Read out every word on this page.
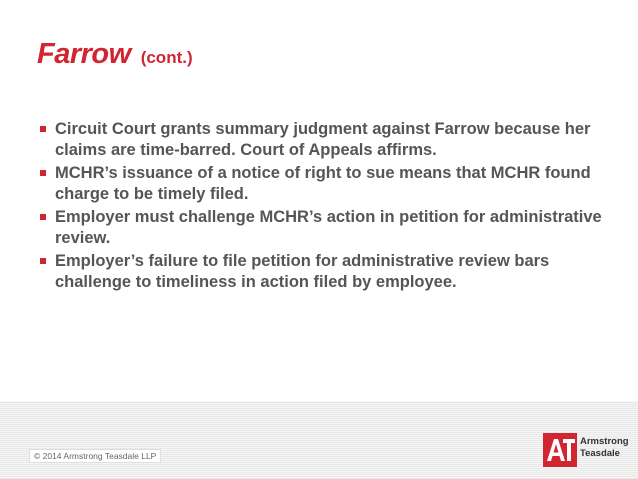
Farrow (cont.)
Circuit Court grants summary judgment against Farrow because her claims are time-barred. Court of Appeals affirms.
MCHR’s issuance of a notice of right to sue means that MCHR found charge to be timely filed.
Employer must challenge MCHR’s action in petition for administrative review.
Employer’s failure to file petition for administrative review bars challenge to timeliness in action filed by employee.
© 2014 Armstrong Teasdale LLP
Armstrong
Teasdale
